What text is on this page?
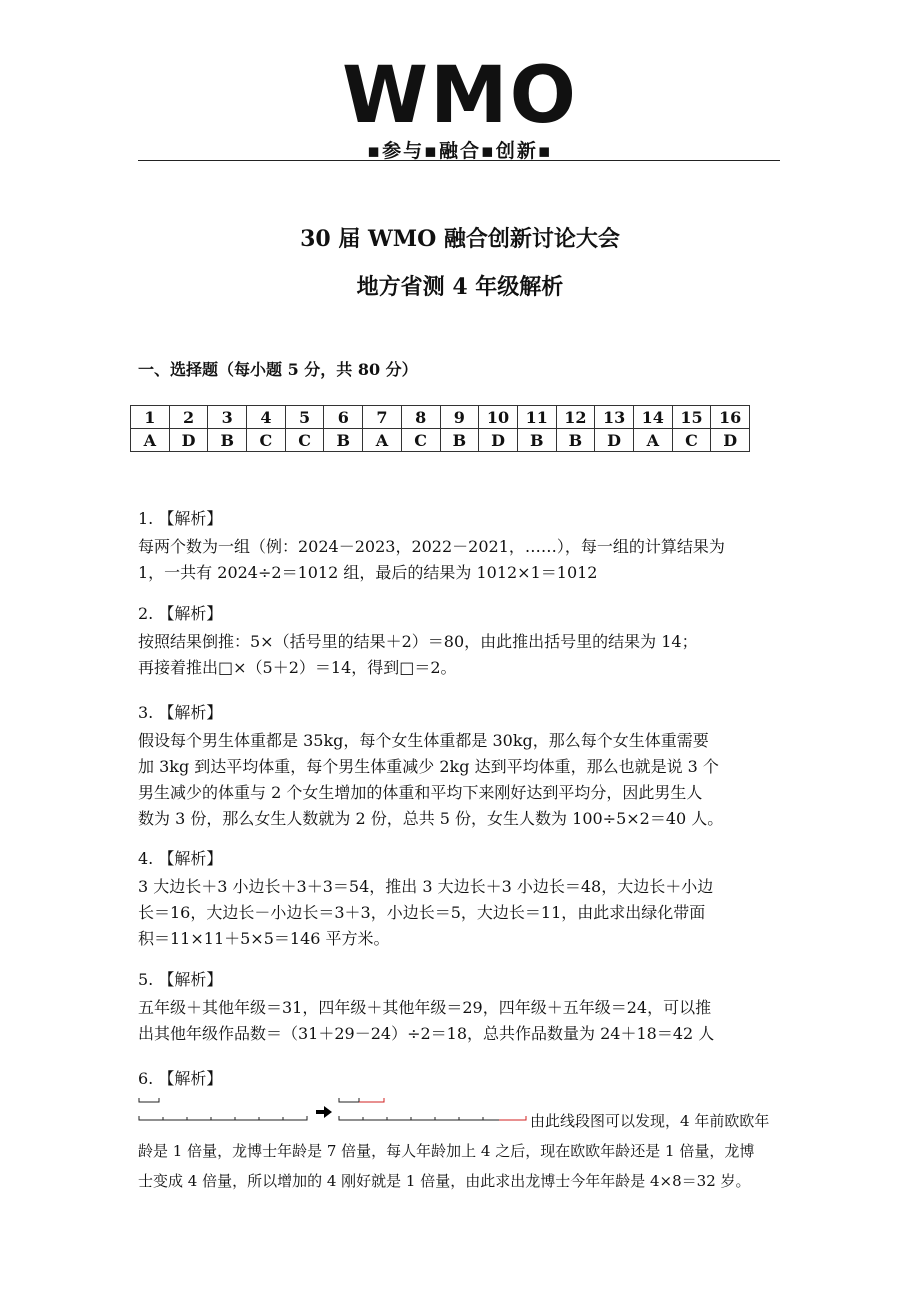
WMO
▪参与▪融合▪创新▪
30 届 WMO 融合创新讨论大会
地方省测 4 年级解析
一、选择题（每小题 5 分，共 80 分）
1	2	3	4	5	6	7	8	9	10	11	12	13	14	15	16
A	D	B	C	C	B	A	C	B	D	B	B	D	A	C	D
1. 【解析】

每两个数为一组（例：2024－2023，2022－2021，……），每一组的计算结果为

1，一共有 2024÷2＝1012 组，最后的结果为 1012×1＝1012

2. 【解析】

按照结果倒推：5×（括号里的结果＋2）＝80，由此推出括号里的结果为 14；

再接着推出□×（5＋2）＝14，得到□＝2。

3. 【解析】

假设每个男生体重都是 35kg，每个女生体重都是 30kg，那么每个女生体重需要

加 3kg 到达平均体重，每个男生体重减少 2kg 达到平均体重，那么也就是说 3 个

男生减少的体重与 2 个女生增加的体重和平均下来刚好达到平均分，因此男生人

数为 3 份，那么女生人数就为 2 份，总共 5 份，女生人数为 100÷5×2＝40 人。

4. 【解析】

3 大边长＋3 小边长＋3＋3＝54，推出 3 大边长＋3 小边长＝48，大边长＋小边

长＝16，大边长－小边长＝3＋3，小边长＝5，大边长＝11，由此求出绿化带面

积＝11×11＋5×5＝146 平方米。

5. 【解析】

五年级＋其他年级＝31，四年级＋其他年级＝29，四年级＋五年级＝24，可以推

出其他年级作品数＝（31＋29－24）÷2＝18，总共作品数量为 24＋18＝42 人

6. 【解析】
由此线段图可以发现，4 年前欧欧年
龄是 1 倍量，龙博士年龄是 7 倍量，每人年龄加上 4 之后，现在欧欧年龄还是 1 倍量，龙博
士变成 4 倍量，所以增加的 4 刚好就是 1 倍量，由此求出龙博士今年年龄是 4×8＝32 岁。
